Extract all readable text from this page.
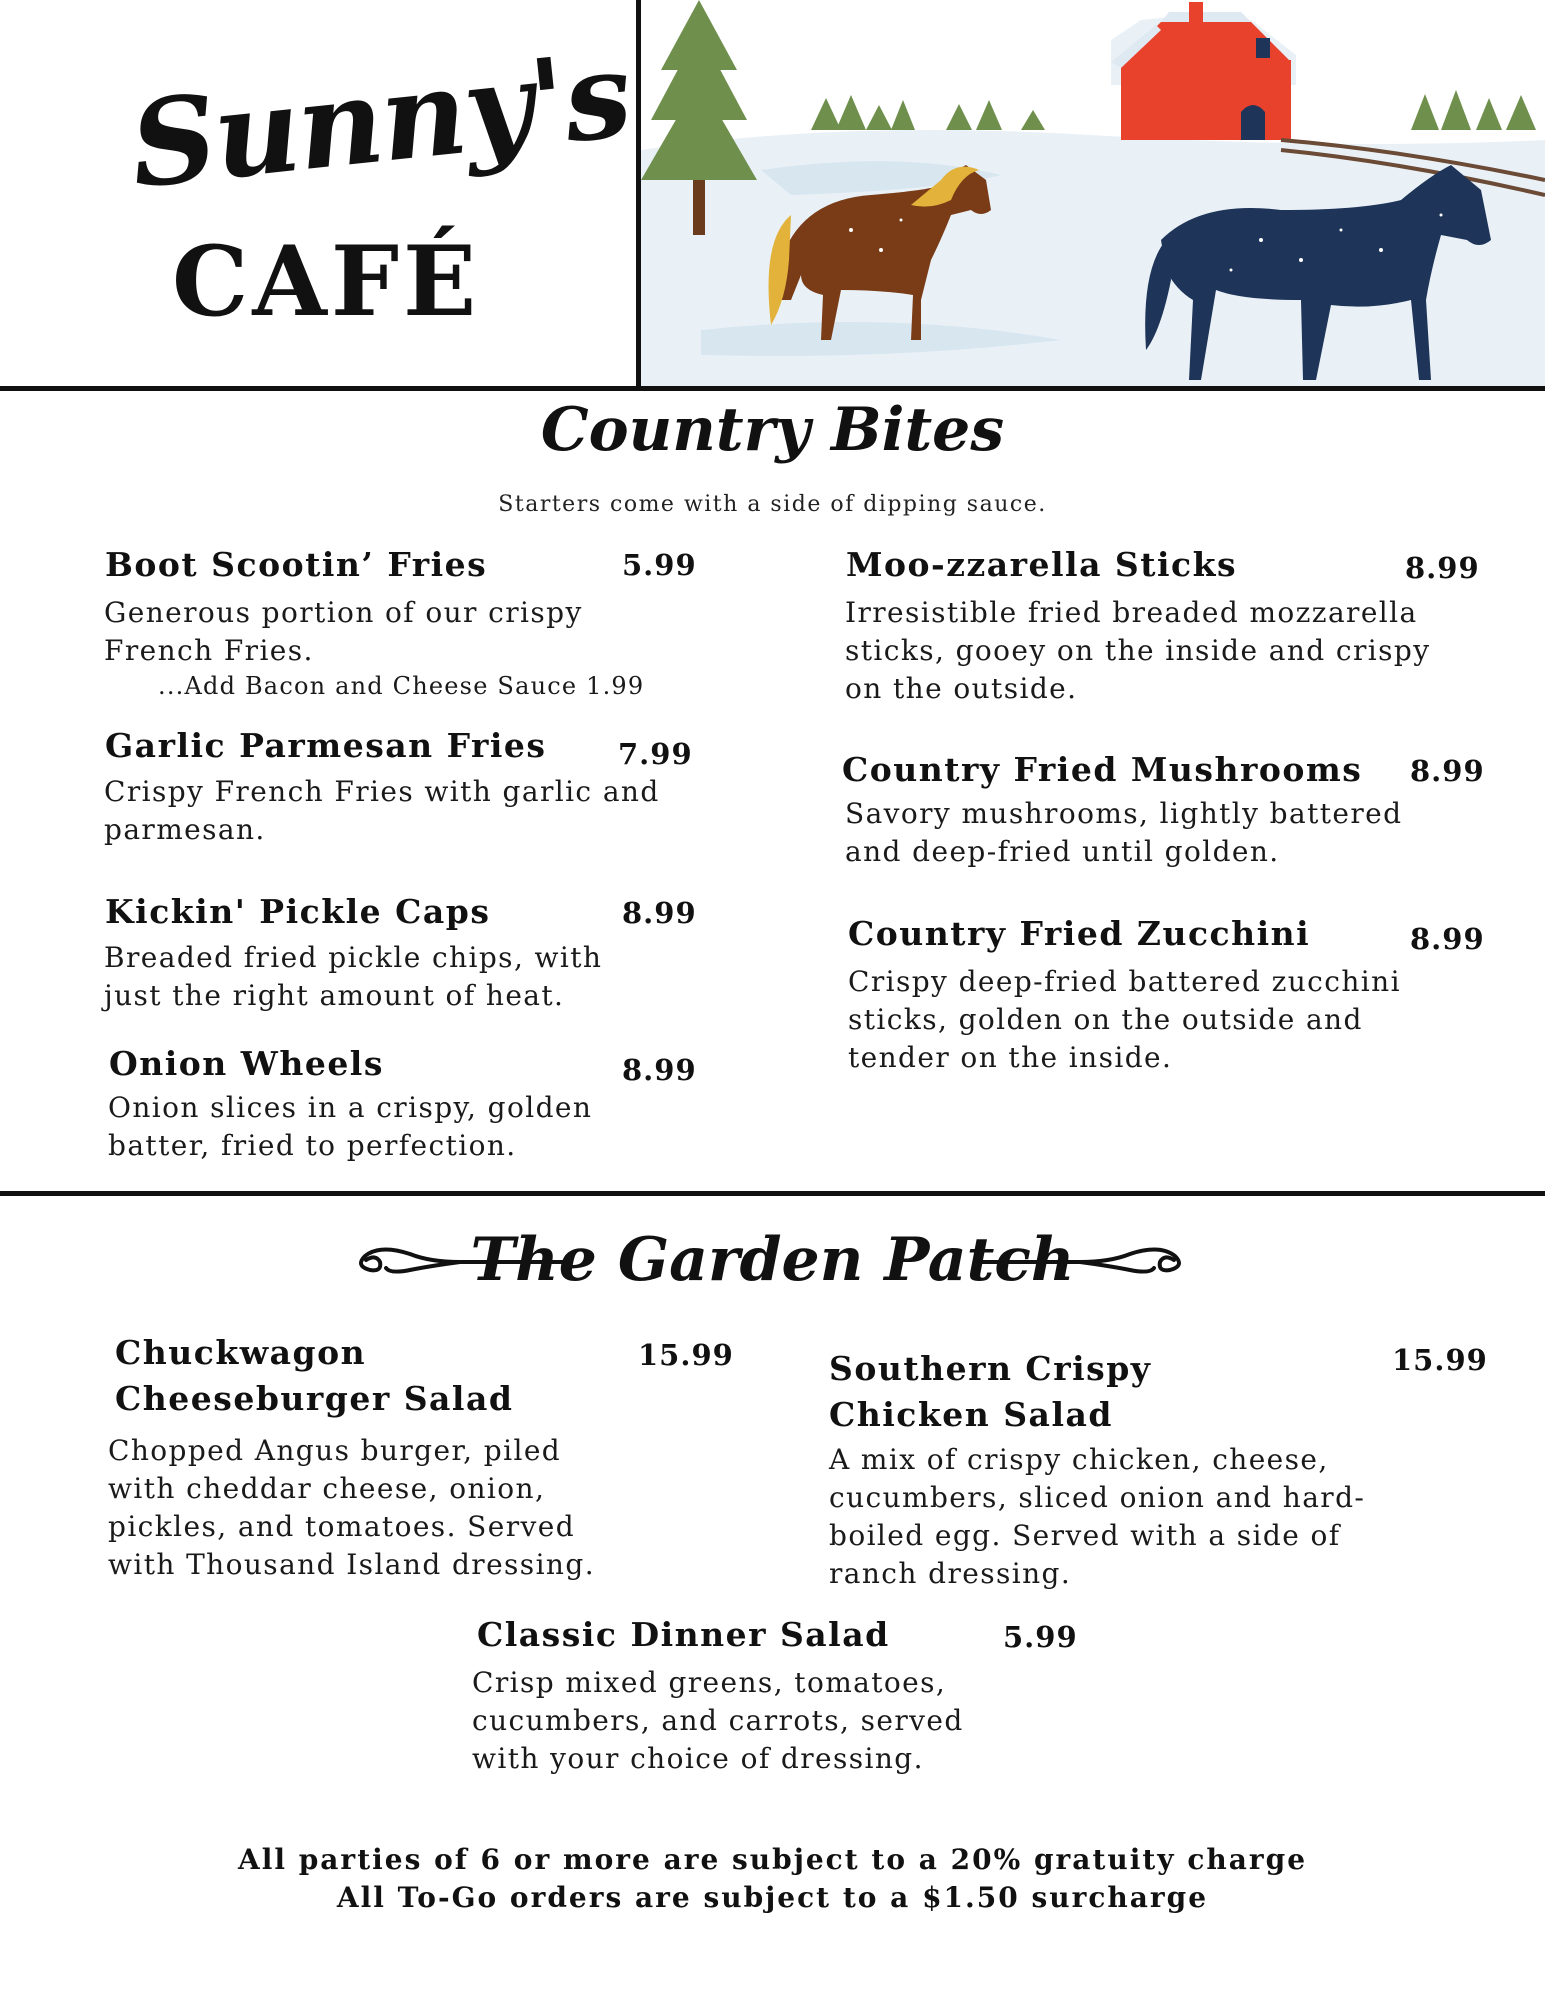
Sunny's
CAFÉ
Country Bites
Starters come with a side of dipping sauce.
Boot Scootin’ Fries	5.99
Generous portion of our crispy
French Fries.
...Add Bacon and Cheese Sauce 1.99
Garlic Parmesan Fries 7.99
Crispy French Fries with garlic and
parmesan.
Kickin' Pickle Caps	8.99
Breaded fried pickle chips, with
just the right amount of heat.
Onion Wheels	8.99
Onion slices in a crispy, golden
batter, fried to perfection.
Moo-zzarella Sticks	8.99
Irresistible fried breaded mozzarella
sticks, gooey on the inside and crispy
on the outside.
Country Fried Mushrooms 8.99
Savory mushrooms, lightly battered
and deep-fried until golden.
Country Fried Zucchini	8.99
Crispy deep-fried battered zucchini
sticks, golden on the outside and
tender on the inside.
The Garden Patch
Chuckwagon
Cheeseburger Salad
15.99
Chopped Angus burger, piled
with cheddar cheese, onion,
pickles, and tomatoes. Served
with Thousand Island dressing.
Southern Crispy
Chicken Salad
15.99
A mix of crispy chicken, cheese,
cucumbers, sliced onion and hard-
boiled egg. Served with a side of
ranch dressing.
Classic Dinner Salad	5.99
Crisp mixed greens, tomatoes,
cucumbers, and carrots, served
with your choice of dressing.
All parties of 6 or more are subject to a 20% gratuity charge
All To-Go orders are subject to a $1.50 surcharge
